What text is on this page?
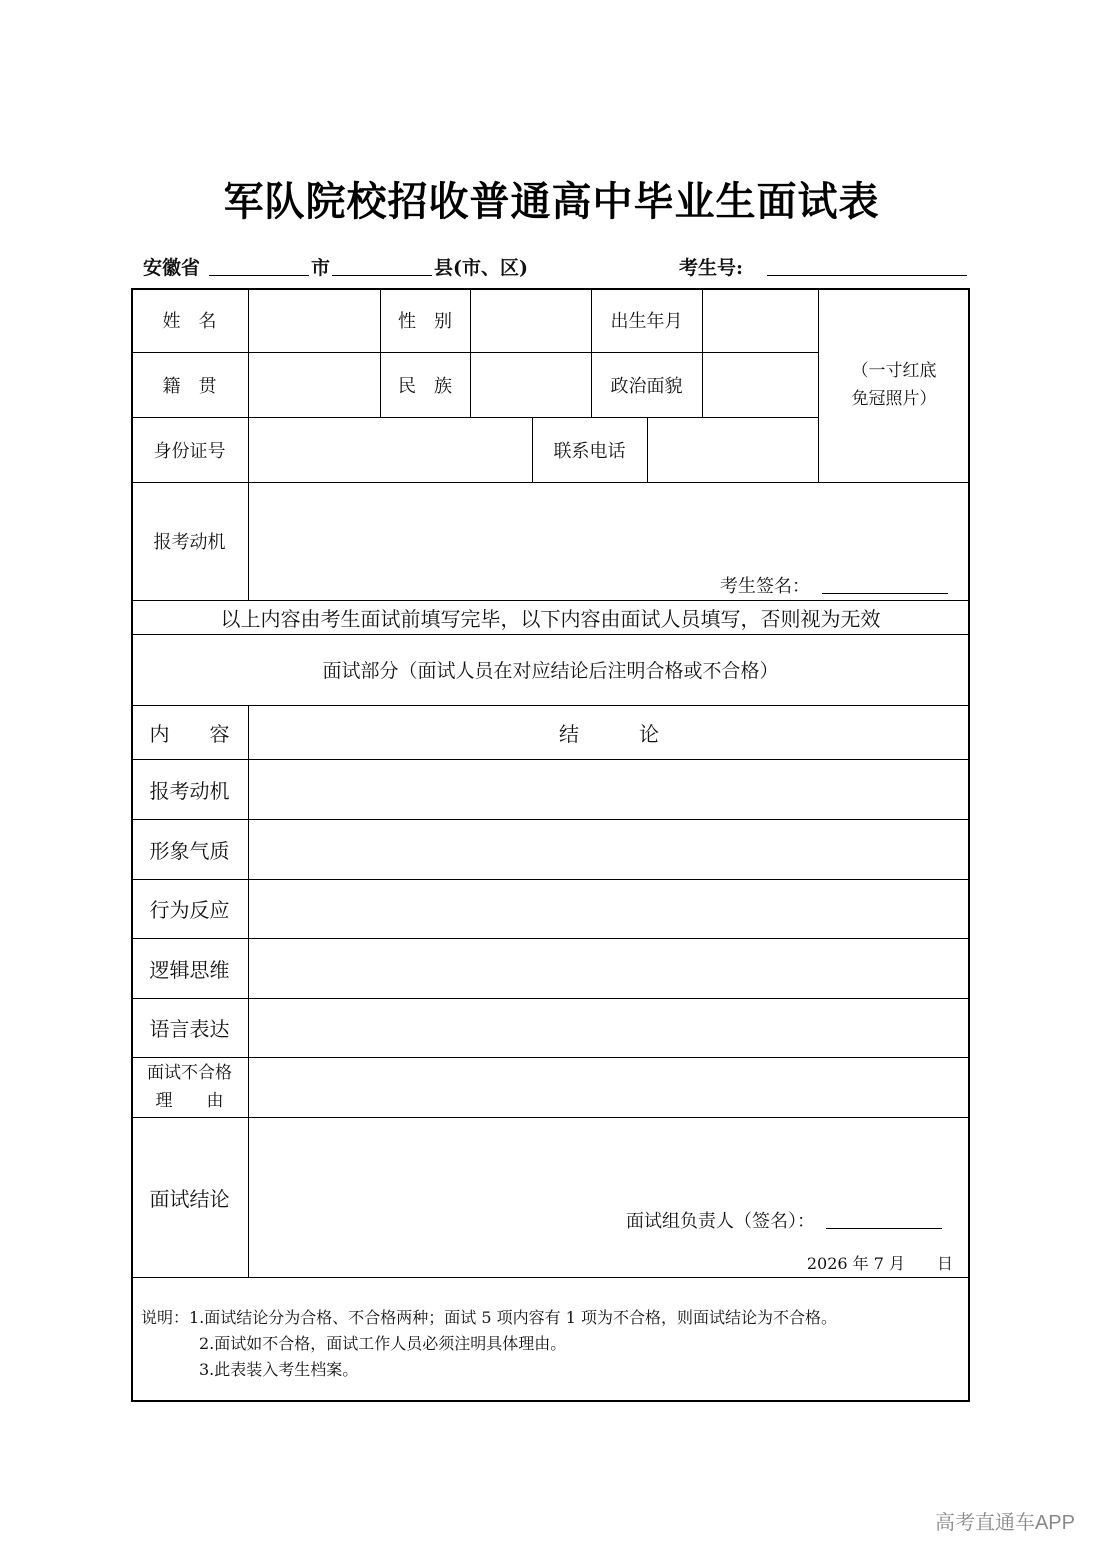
军队院校招收普通高中毕业生面试表
安徽省	市	县(市、区)	考生号:
姓　名	性　别	出生年月
（一寸红底
免冠照片）
籍　贯	民　族	政治面貌
身份证号	联系电话
报考动机
考生签名：
以上内容由考生面试前填写完毕，以下内容由面试人员填写，否则视为无效
面试部分（面试人员在对应结论后注明合格或不合格）
内　　容	结　　　论
报考动机
形象气质
行为反应
逻辑思维
语言表达
面试不合格
理　　由
面试结论
面试组负责人（签名）：
2026 年 7 月　　日
说明：1.面试结论分为合格、不合格两种；面试 5 项内容有 1 项为不合格，则面试结论为不合格。
2.面试如不合格，面试工作人员必须注明具体理由。
3.此表装入考生档案。
高考直通车APP
